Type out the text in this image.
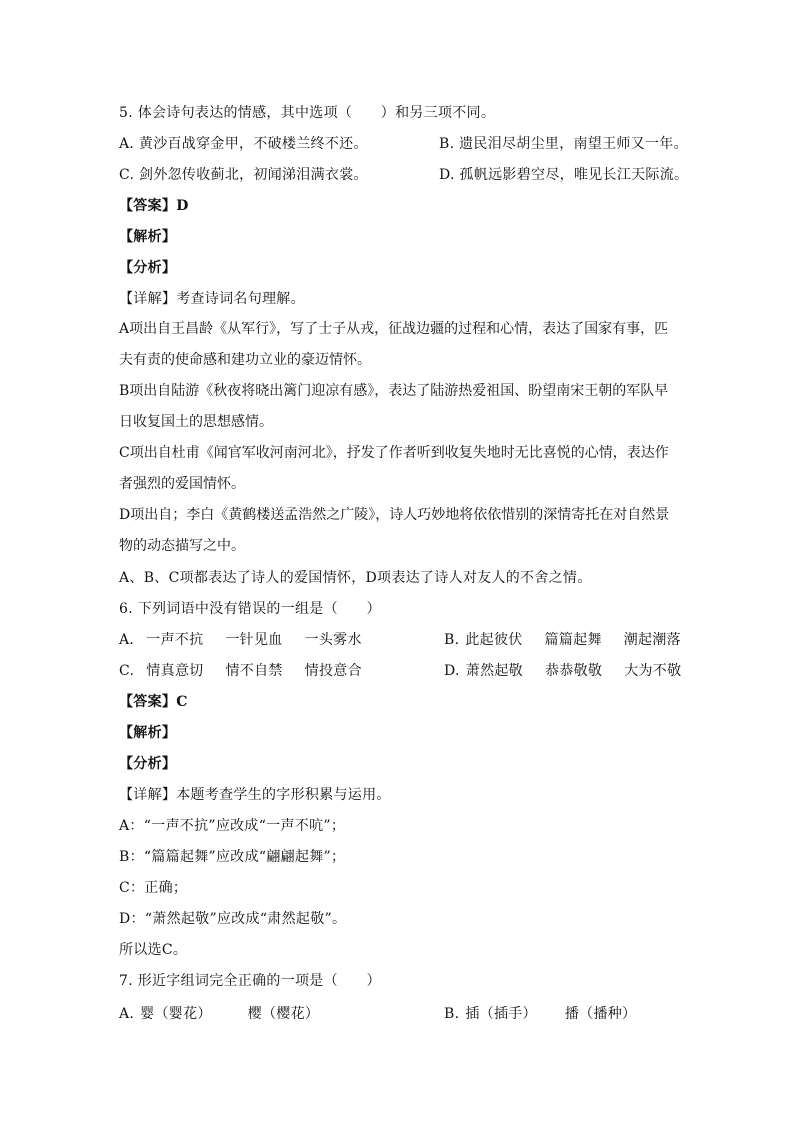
5. 体会诗句表达的情感，其中选项（　　）和另三项不同。
A. 黄沙百战穿金甲，不破楼兰终不还。	B. 遗民泪尽胡尘里，南望王师又一年。
C. 剑外忽传收蓟北，初闻涕泪满衣裳。	D. 孤帆远影碧空尽，唯见长江天际流。
【答案】D
【解析】
【分析】
【详解】考查诗词名句理解。
A项出自王昌龄《从军行》，写了士子从戎，征战边疆的过程和心情，表达了国家有事，匹夫有责的使命感和建功立业的豪迈情怀。
B项出自陆游《秋夜将晓出篱门迎凉有感》，表达了陆游热爱祖国、盼望南宋王朝的军队早日收复国土的思想感情。
C项出自杜甫《闻官军收河南河北》，抒发了作者听到收复失地时无比喜悦的心情，表达作者强烈的爱国情怀。
D项出自；李白《黄鹤楼送孟浩然之广陵》，诗人巧妙地将依依惜别的深情寄托在对自然景物的动态描写之中。
A、B、C项都表达了诗人的爱国情怀，D项表达了诗人对友人的不舍之情。
6. 下列词语中没有错误的一组是（　　）
A. 一声不抗 一针见血 一头雾水	B. 此起彼伏 篇篇起舞 潮起潮落
C. 情真意切 情不自禁 情投意合	D. 萧然起敬 恭恭敬敬 大为不敬
【答案】C
【解析】
【分析】
【详解】本题考查学生的字形积累与运用。
A：“一声不抗”应改成“一声不吭”；
B：“篇篇起舞”应改成“翩翩起舞”；
C：正确；
D：“萧然起敬”应改成“肃然起敬”。
所以选C。
7. 形近字组词完全正确的一项是（　　）
A. 婴（婴花）	樱（樱花）	B. 插（插手） 播（播种）
